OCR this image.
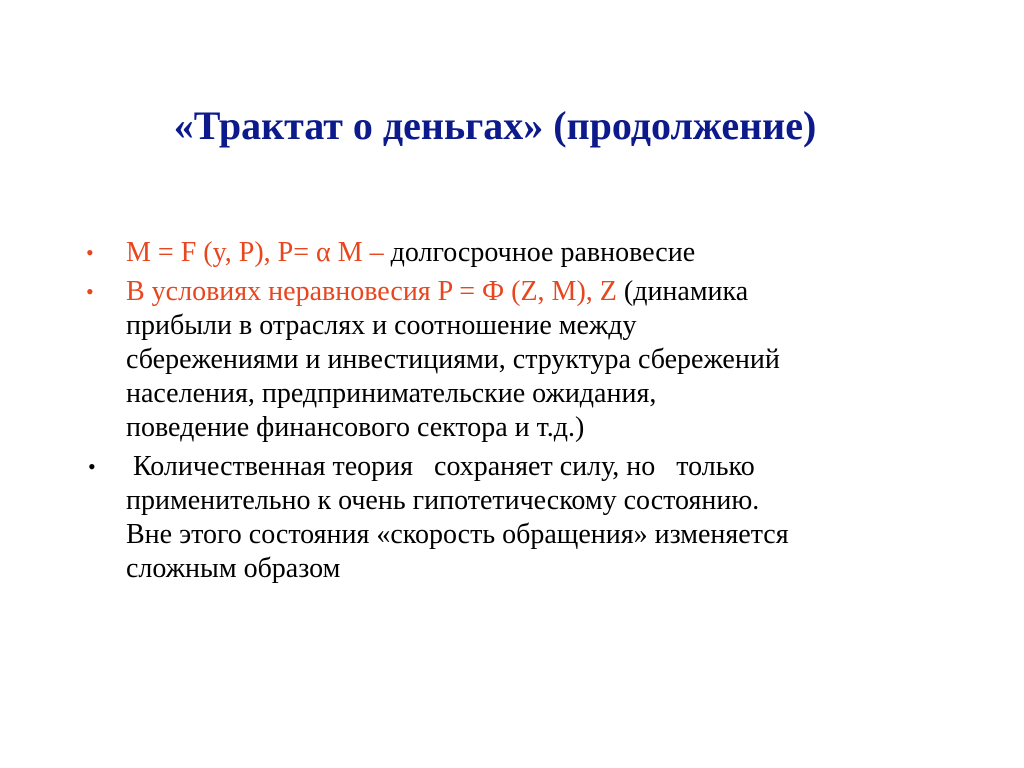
«Трактат о деньгах» (продолжение)
• M = F (y, P), P= α M – долгосрочное равновесие
• В условиях неравновесия P = Ф (Z, M), Z (динамика
прибыли в отраслях и соотношение между
сбережениями и инвестициями, структура сбережений
населения, предпринимательские ожидания,
поведение финансового сектора и т.д.)
• Количественная теория   сохраняет силу, но   только
применительно к очень гипотетическому состоянию.
Вне этого состояния «скорость обращения» изменяется
сложным образом
